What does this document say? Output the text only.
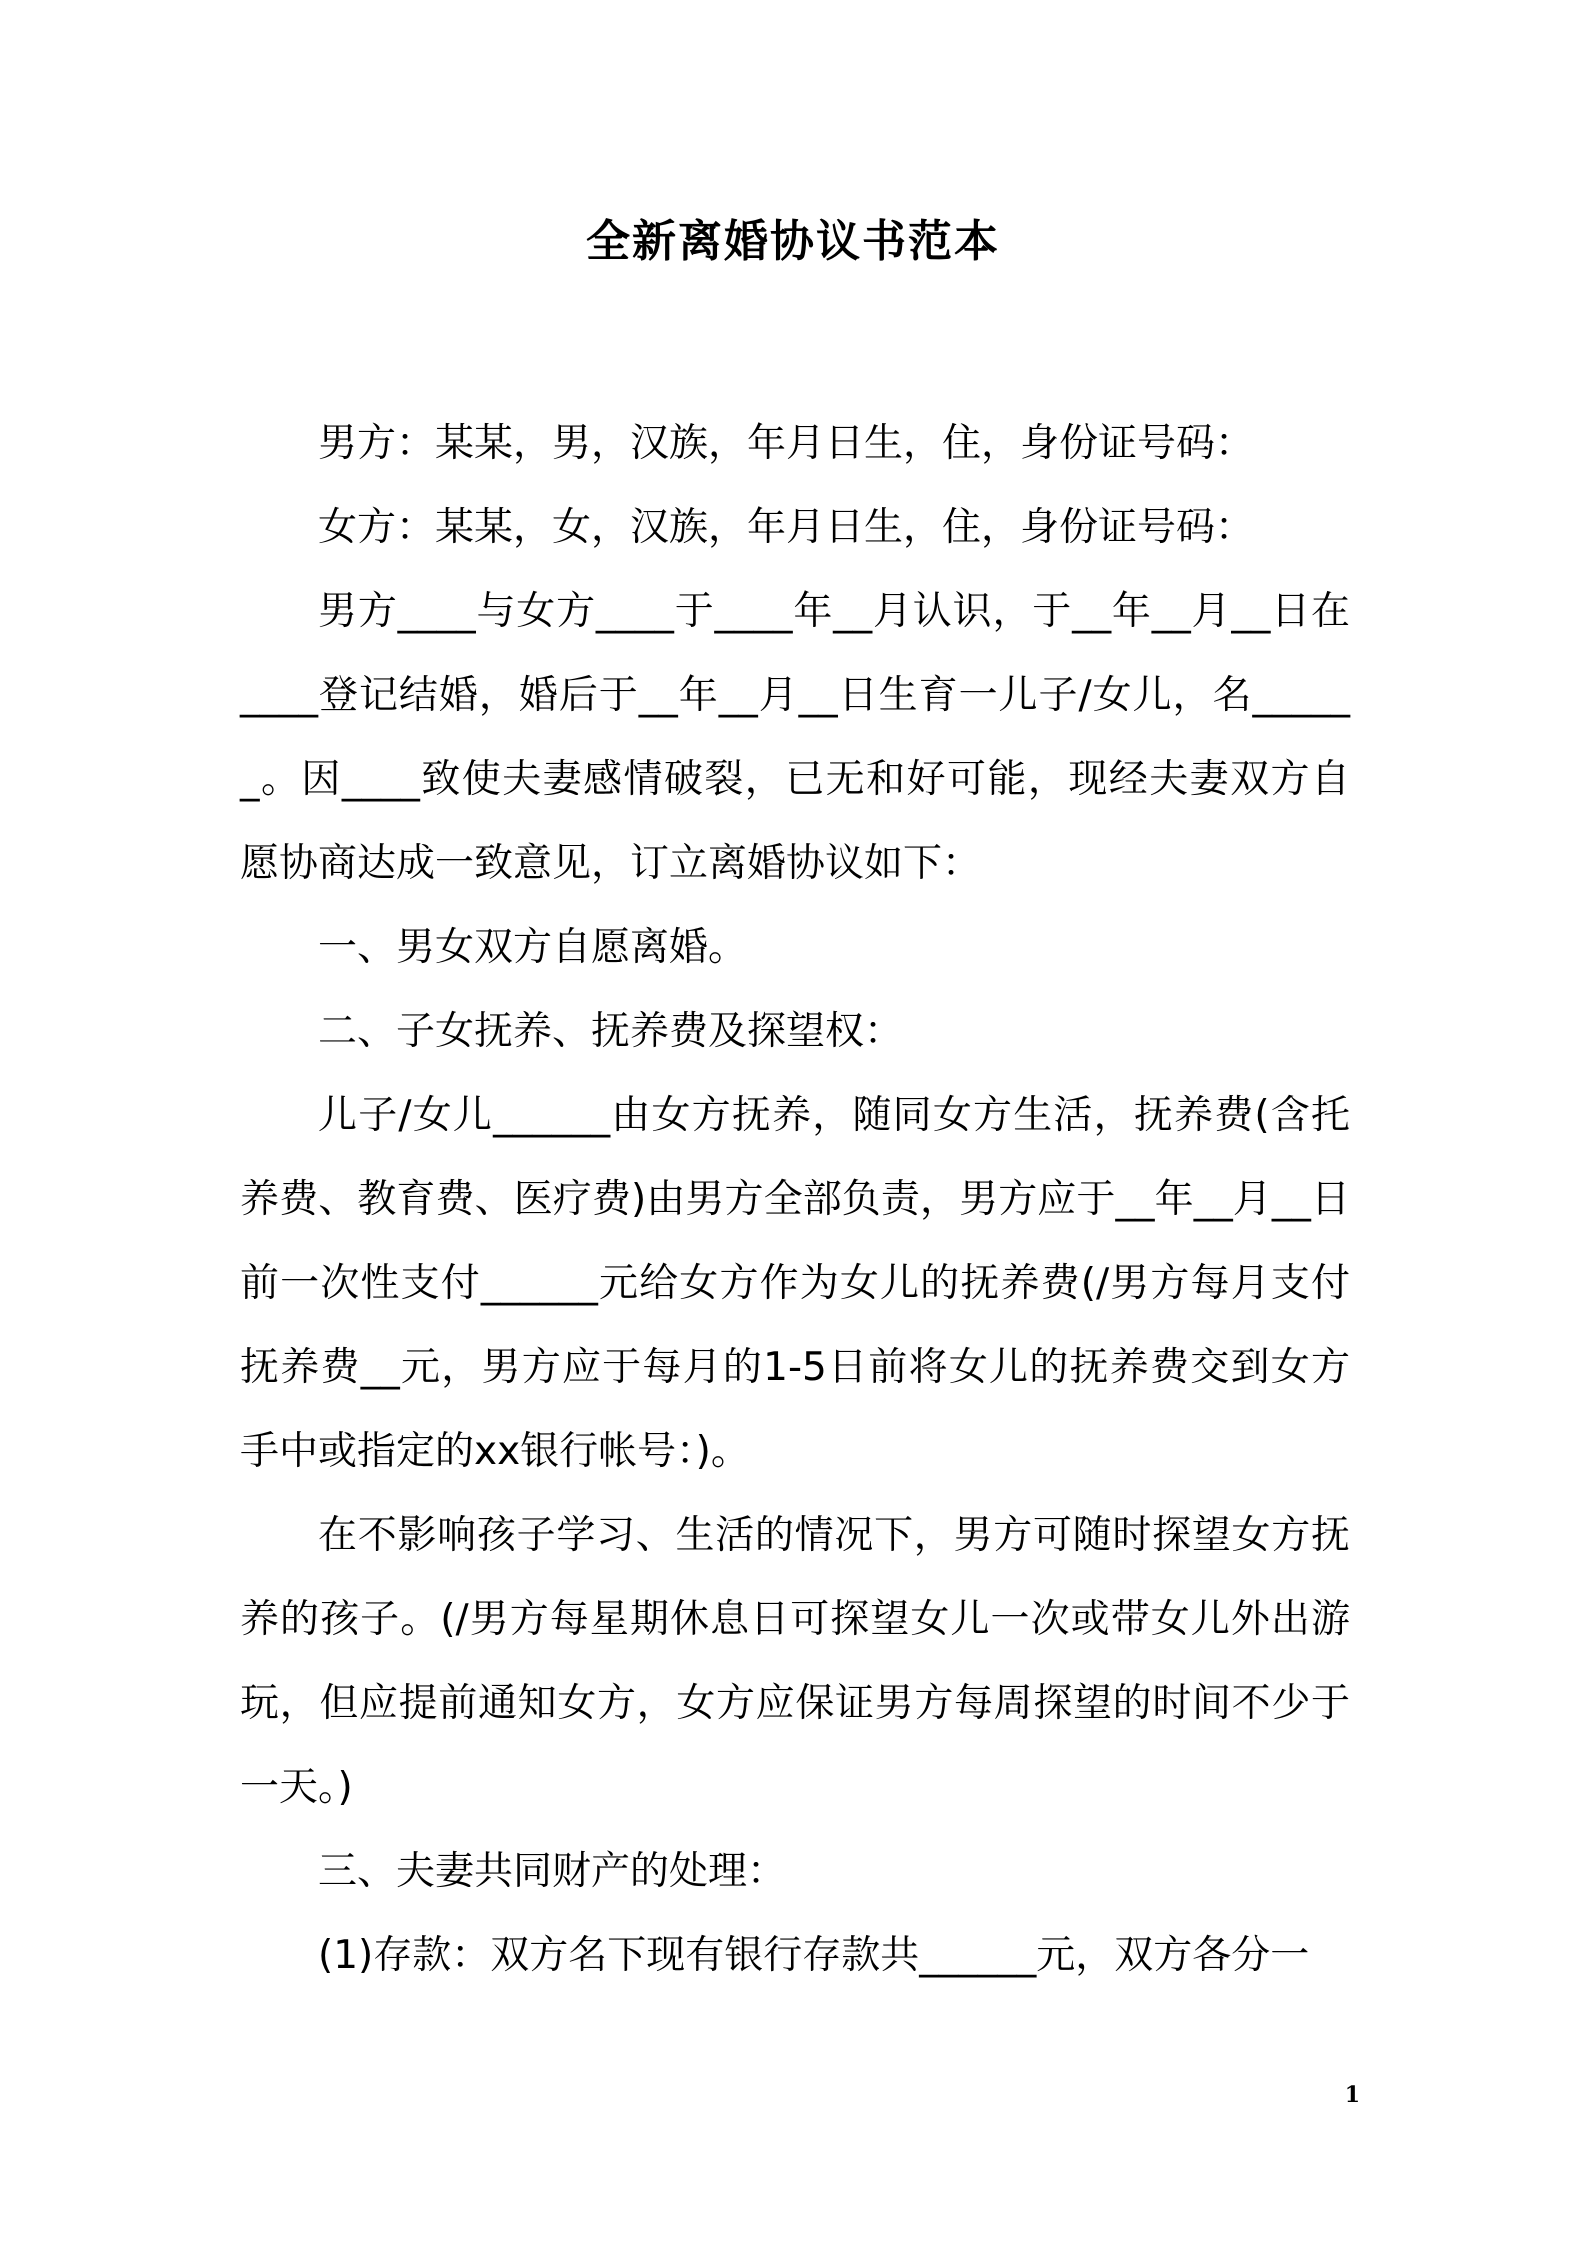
全新离婚协议书范本

男方：某某，男，汉族，年月日生，住，身份证号码：

女方：某某，女，汉族，年月日生，住，身份证号码：

男方____与女方____于____年__月认识，于__年__月__日在____登记结婚，婚后于__年__月__日生育一儿子/女儿，名______。因____致使夫妻感情破裂，已无和好可能，现经夫妻双方自愿协商达成一致意见，订立离婚协议如下：

一、男女双方自愿离婚。

二、子女抚养、抚养费及探望权：

儿子/女儿______由女方抚养，随同女方生活，抚养费(含托养费、教育费、医疗费)由男方全部负责，男方应于__年__月__日前一次性支付______元给女方作为女儿的抚养费(/男方每月支付抚养费__元，男方应于每月的1-5日前将女儿的抚养费交到女方手中或指定的xx银行帐号：)。

在不影响孩子学习、生活的情况下，男方可随时探望女方抚养的孩子。(/男方每星期休息日可探望女儿一次或带女儿外出游玩，但应提前通知女方，女方应保证男方每周探望的时间不少于一天。)

三、夫妻共同财产的处理：

(1)存款：双方名下现有银行存款共______元，双方各分一

1
